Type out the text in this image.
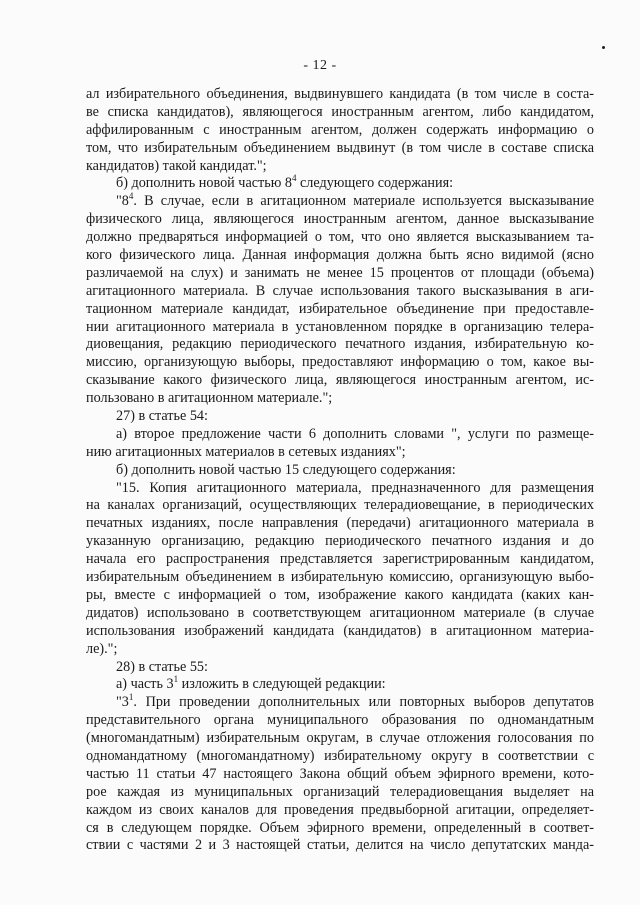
- 12 -
ал избирательного объединения, выдвинувшего кандидата (в том числе в соста-
ве списка кандидатов), являющегося иностранным агентом, либо кандидатом,
аффилированным с иностранным агентом, должен содержать информацию о
том, что избирательным объединением выдвинут (в том числе в составе списка
кандидатов) такой кандидат.";
б) дополнить новой частью $8^4$ следующего содержания:
"$8^4$. В случае, если в агитационном материале используется высказывание
физического лица, являющегося иностранным агентом, данное высказывание
должно предваряться информацией о том, что оно является высказыванием та-
кого физического лица. Данная информация должна быть ясно видимой (ясно
различаемой на слух) и занимать не менее 15 процентов от площади (объема)
агитационного материала. В случае использования такого высказывания в аги-
тационном материале кандидат, избирательное объединение при предоставле-
нии агитационного материала в установленном порядке в организацию телера-
диовещания, редакцию периодического печатного издания, избирательную ко-
миссию, организующую выборы, предоставляют информацию о том, какое вы-
сказывание какого физического лица, являющегося иностранным агентом, ис-
пользовано в агитационном материале.";
27) в статье 54:
а) второе предложение части 6 дополнить словами ", услуги по размеще-
нию агитационных материалов в сетевых изданиях";
б) дополнить новой частью 15 следующего содержания:
"15. Копия агитационного материала, предназначенного для размещения
на каналах организаций, осуществляющих телерадиовещание, в периодических
печатных изданиях, после направления (передачи) агитационного материала в
указанную организацию, редакцию периодического печатного издания и до
начала его распространения представляется зарегистрированным кандидатом,
избирательным объединением в избирательную комиссию, организующую выбо-
ры, вместе с информацией о том, изображение какого кандидата (каких кан-
дидатов) использовано в соответствующем агитационном материале (в случае
использования изображений кандидата (кандидатов) в агитационном материа-
ле).";
28) в статье 55:
а) часть $3^1$ изложить в следующей редакции:
"$3^1$. При проведении дополнительных или повторных выборов депутатов
представительного органа муниципального образования по одномандатным
(многомандатным) избирательным округам, в случае отложения голосования по
одномандатному (многомандатному) избирательному округу в соответствии с
частью 11 статьи 47 настоящего Закона общий объем эфирного времени, кото-
рое каждая из муниципальных организаций телерадиовещания выделяет на
каждом из своих каналов для проведения предвыборной агитации, определяет-
ся в следующем порядке. Объем эфирного времени, определенный в соответ-
ствии с частями 2 и 3 настоящей статьи, делится на число депутатских манда-
